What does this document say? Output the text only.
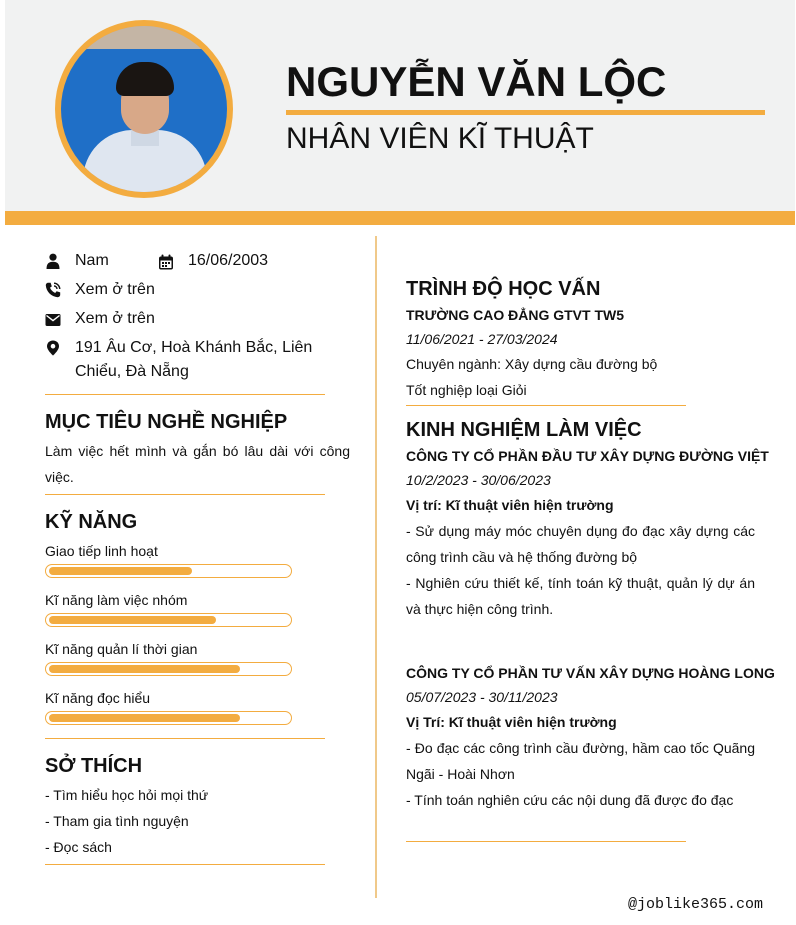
NGUYỄN VĂN LỘC
NHÂN VIÊN KĨ THUẬT
Nam	16/06/2003
Xem ở trên
Xem ở trên
191 Âu Cơ, Hoà Khánh Bắc, Liên Chiểu, Đà Nẵng
MỤC TIÊU NGHỀ NGHIỆP
Làm việc hết mình và gắn bó lâu dài với công việc.
KỸ NĂNG
Giao tiếp linh hoạt
Kĩ năng làm việc nhóm
Kĩ năng quản lí thời gian
Kĩ năng đọc hiểu
SỞ THÍCH
- Tìm hiểu học hỏi mọi thứ
- Tham gia tình nguyện
- Đọc sách
TRÌNH ĐỘ HỌC VẤN
TRƯỜNG CAO ĐẲNG GTVT TW5
11/06/2021 - 27/03/2024
Chuyên ngành: Xây dựng cầu đường bộ
Tốt nghiệp loại Giỏi
KINH NGHIỆM LÀM VIỆC
CÔNG TY CỔ PHẦN ĐẦU TƯ XÂY DỰNG ĐƯỜNG VIỆT
10/2/2023 - 30/06/2023
Vị trí: Kĩ thuật viên hiện trường
- Sử dụng máy móc chuyên dụng đo đạc xây dựng các công trình cầu và hệ thống đường bộ
- Nghiên cứu thiết kế, tính toán kỹ thuật, quản lý dự án và thực hiện công trình.
CÔNG TY CỔ PHẦN TƯ VẤN XÂY DỰNG HOÀNG LONG
05/07/2023 - 30/11/2023
Vị Trí: Kĩ thuật viên hiện trường
- Đo đạc các công trình cầu đường, hầm cao tốc Quãng Ngãi - Hoài Nhơn
- Tính toán nghiên cứu các nội dung đã được đo đạc
@joblike365.com
